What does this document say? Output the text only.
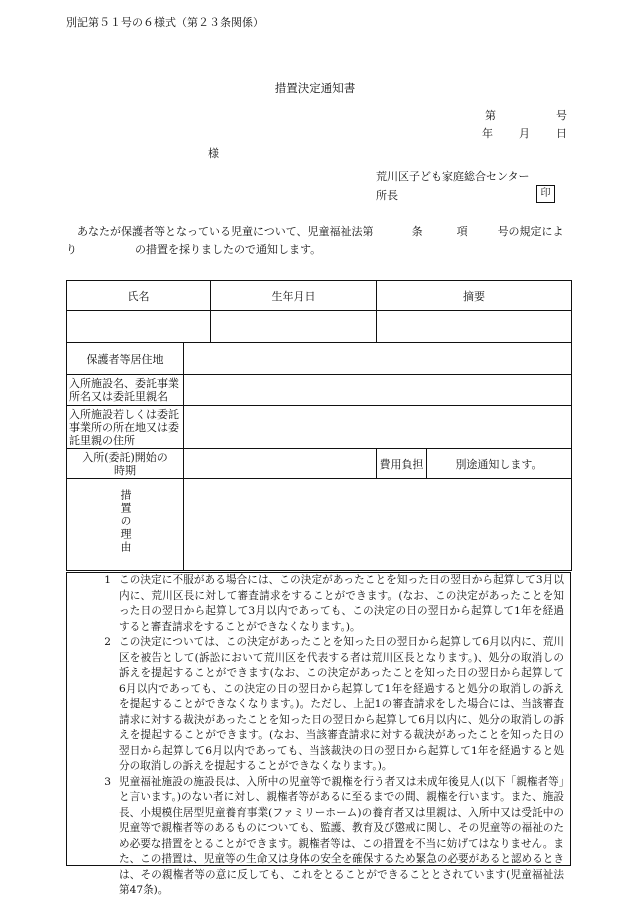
別記第５１号の６様式（第２３条関係）
措置決定通知書
第	号
年 月 日
様
荒川区子ども家庭総合センター
所長	印
あなたが保護者等となっている児童について、児童福祉法第	条	項	号の規定によ
り	の措置を採りましたので通知します。
氏名		生年月日	摘要	

保護者等居住地				
入所施設名、委託事業所名又は委託里親名				
入所施設若しくは委託事業所の所在地又は委託里親の住所				
入所(委託)開始の時期			費用負担	別途通知します。

措置の理由				

1 この決定に不服がある場合には、この決定があったことを知った日の翌日から起算して3月以内に、荒川区長に対して審査請求をすることができます。(なお、この決定があったことを知った日の翌日から起算して3月以内であっても、この決定の日の翌日から起算して1年を経過すると審査請求をすることができなくなります。)。
2 この決定については、この決定があったことを知った日の翌日から起算して6月以内に、荒川区を被告として(訴訟において荒川区を代表する者は荒川区長となります。)、処分の取消しの訴えを提起することができます(なお、この決定があったことを知った日の翌日から起算して6月以内であっても、この決定の日の翌日から起算して1年を経過すると処分の取消しの訴えを提起することができなくなります。)。ただし、上記1の審査請求をした場合には、当該審査請求に対する裁決があったことを知った日の翌日から起算して6月以内に、処分の取消しの訴えを提起することができます。(なお、当該審査請求に対する裁決があったことを知った日の翌日から起算して6月以内であっても、当該裁決の日の翌日から起算して1年を経過すると処分の取消しの訴えを提起することができなくなります。)。
3 児童福祉施設の施設長は、入所中の児童等で親権を行う者又は未成年後見人(以下「親権者等」と言います。)のない者に対し、親権者等があるに至るまでの間、親権を行います。また、施設長、小規模住居型児童養育事業(ファミリーホーム)の養育者又は里親は、入所中又は受託中の児童等で親権者等のあるものについても、監護、教育及び懲戒に関し、その児童等の福祉のため必要な措置をとることができます。親権者等は、この措置を不当に妨げてはなりません。また、この措置は、児童等の生命又は身体の安全を確保するため緊急の必要があると認めるときは、その親権者等の意に反しても、これをとることができることとされています(児童福祉法第47条)。
